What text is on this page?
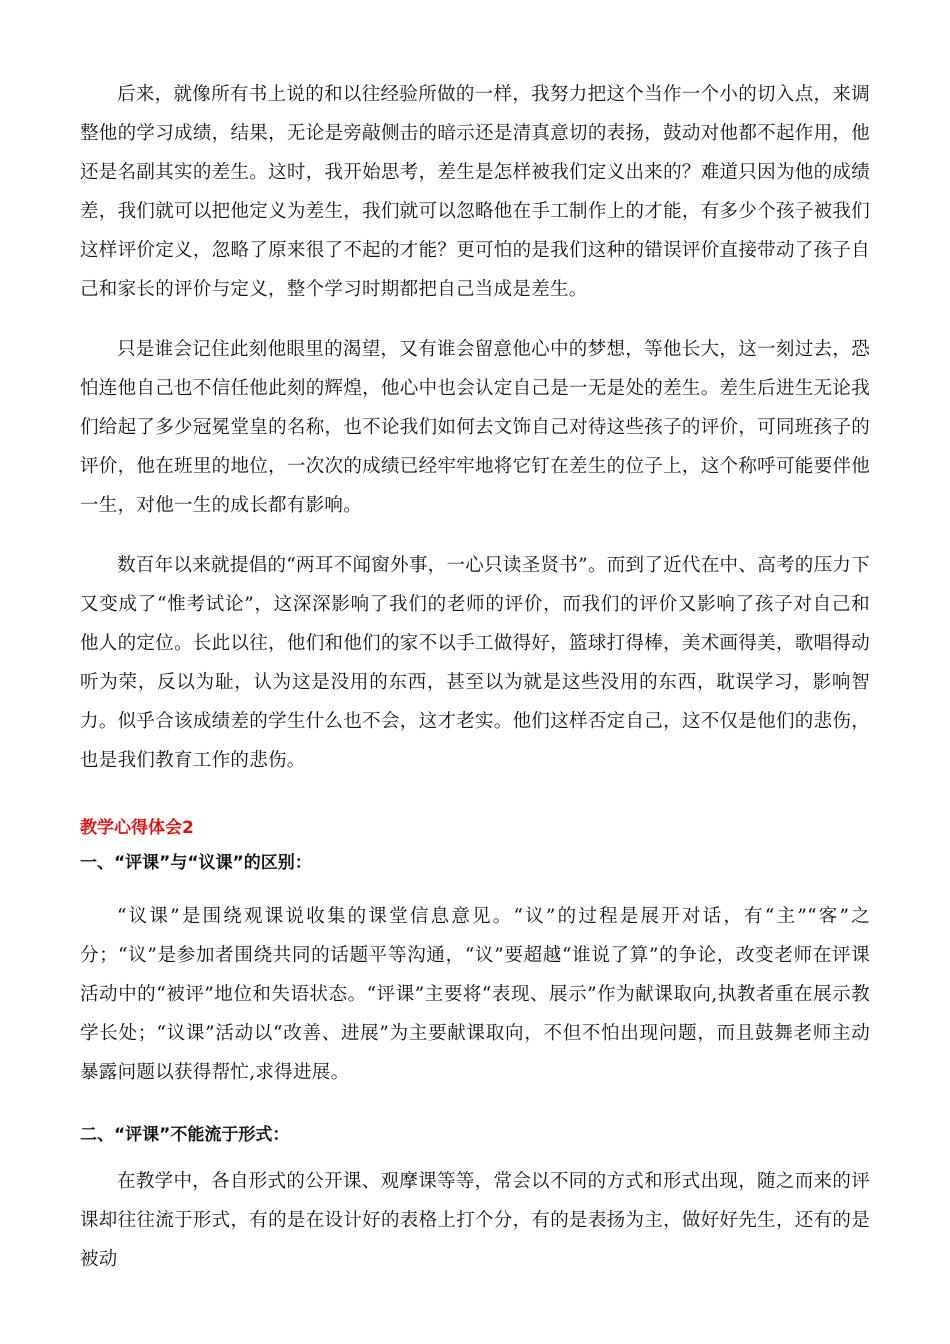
后来，就像所有书上说的和以往经验所做的一样，我努力把这个当作一个小的切入点，来调整他的学习成绩，结果，无论是旁敲侧击的暗示还是清真意切的表扬，鼓动对他都不起作用，他还是名副其实的差生。这时，我开始思考，差生是怎样被我们定义出来的？难道只因为他的成绩差，我们就可以把他定义为差生，我们就可以忽略他在手工制作上的才能，有多少个孩子被我们这样评价定义，忽略了原来很了不起的才能？更可怕的是我们这种的错误评价直接带动了孩子自己和家长的评价与定义，整个学习时期都把自己当成是差生。

只是谁会记住此刻他眼里的渴望，又有谁会留意他心中的梦想，等他长大，这一刻过去，恐怕连他自己也不信任他此刻的辉煌，他心中也会认定自己是一无是处的差生。差生后进生无论我们给起了多少冠冕堂皇的名称，也不论我们如何去文饰自己对待这些孩子的评价，可同班孩子的评价，他在班里的地位，一次次的成绩已经牢牢地将它钉在差生的位子上，这个称呼可能要伴他一生，对他一生的成长都有影响。

数百年以来就提倡的“两耳不闻窗外事，一心只读圣贤书”。而到了近代在中、高考的压力下又变成了“惟考试论”，这深深影响了我们的老师的评价，而我们的评价又影响了孩子对自己和他人的定位。长此以往，他们和他们的家不以手工做得好，篮球打得棒，美术画得美，歌唱得动听为荣，反以为耻，认为这是没用的东西，甚至以为就是这些没用的东西，耽误学习，影响智力。似乎合该成绩差的学生什么也不会，这才老实。他们这样否定自己，这不仅是他们的悲伤，也是我们教育工作的悲伤。

教学心得体会2
一、“评课”与“议课”的区别：

“议课”是围绕观课说收集的课堂信息意见。“议”的过程是展开对话，有“主”“客”之分；“议”是参加者围绕共同的话题平等沟通，“议”要超越“谁说了算”的争论，改变老师在评课活动中的“被评”地位和失语状态。“评课”主要将“表现、展示”作为献课取向,执教者重在展示教学长处；“议课”活动以“改善、进展”为主要献课取向，不但不怕出现问题，而且鼓舞老师主动暴露问题以获得帮忙,求得进展。

二、“评课”不能流于形式：

在教学中，各自形式的公开课、观摩课等等，常会以不同的方式和形式出现，随之而来的评课却往往流于形式，有的是在设计好的表格上打个分，有的是表扬为主，做好好先生，还有的是被动
